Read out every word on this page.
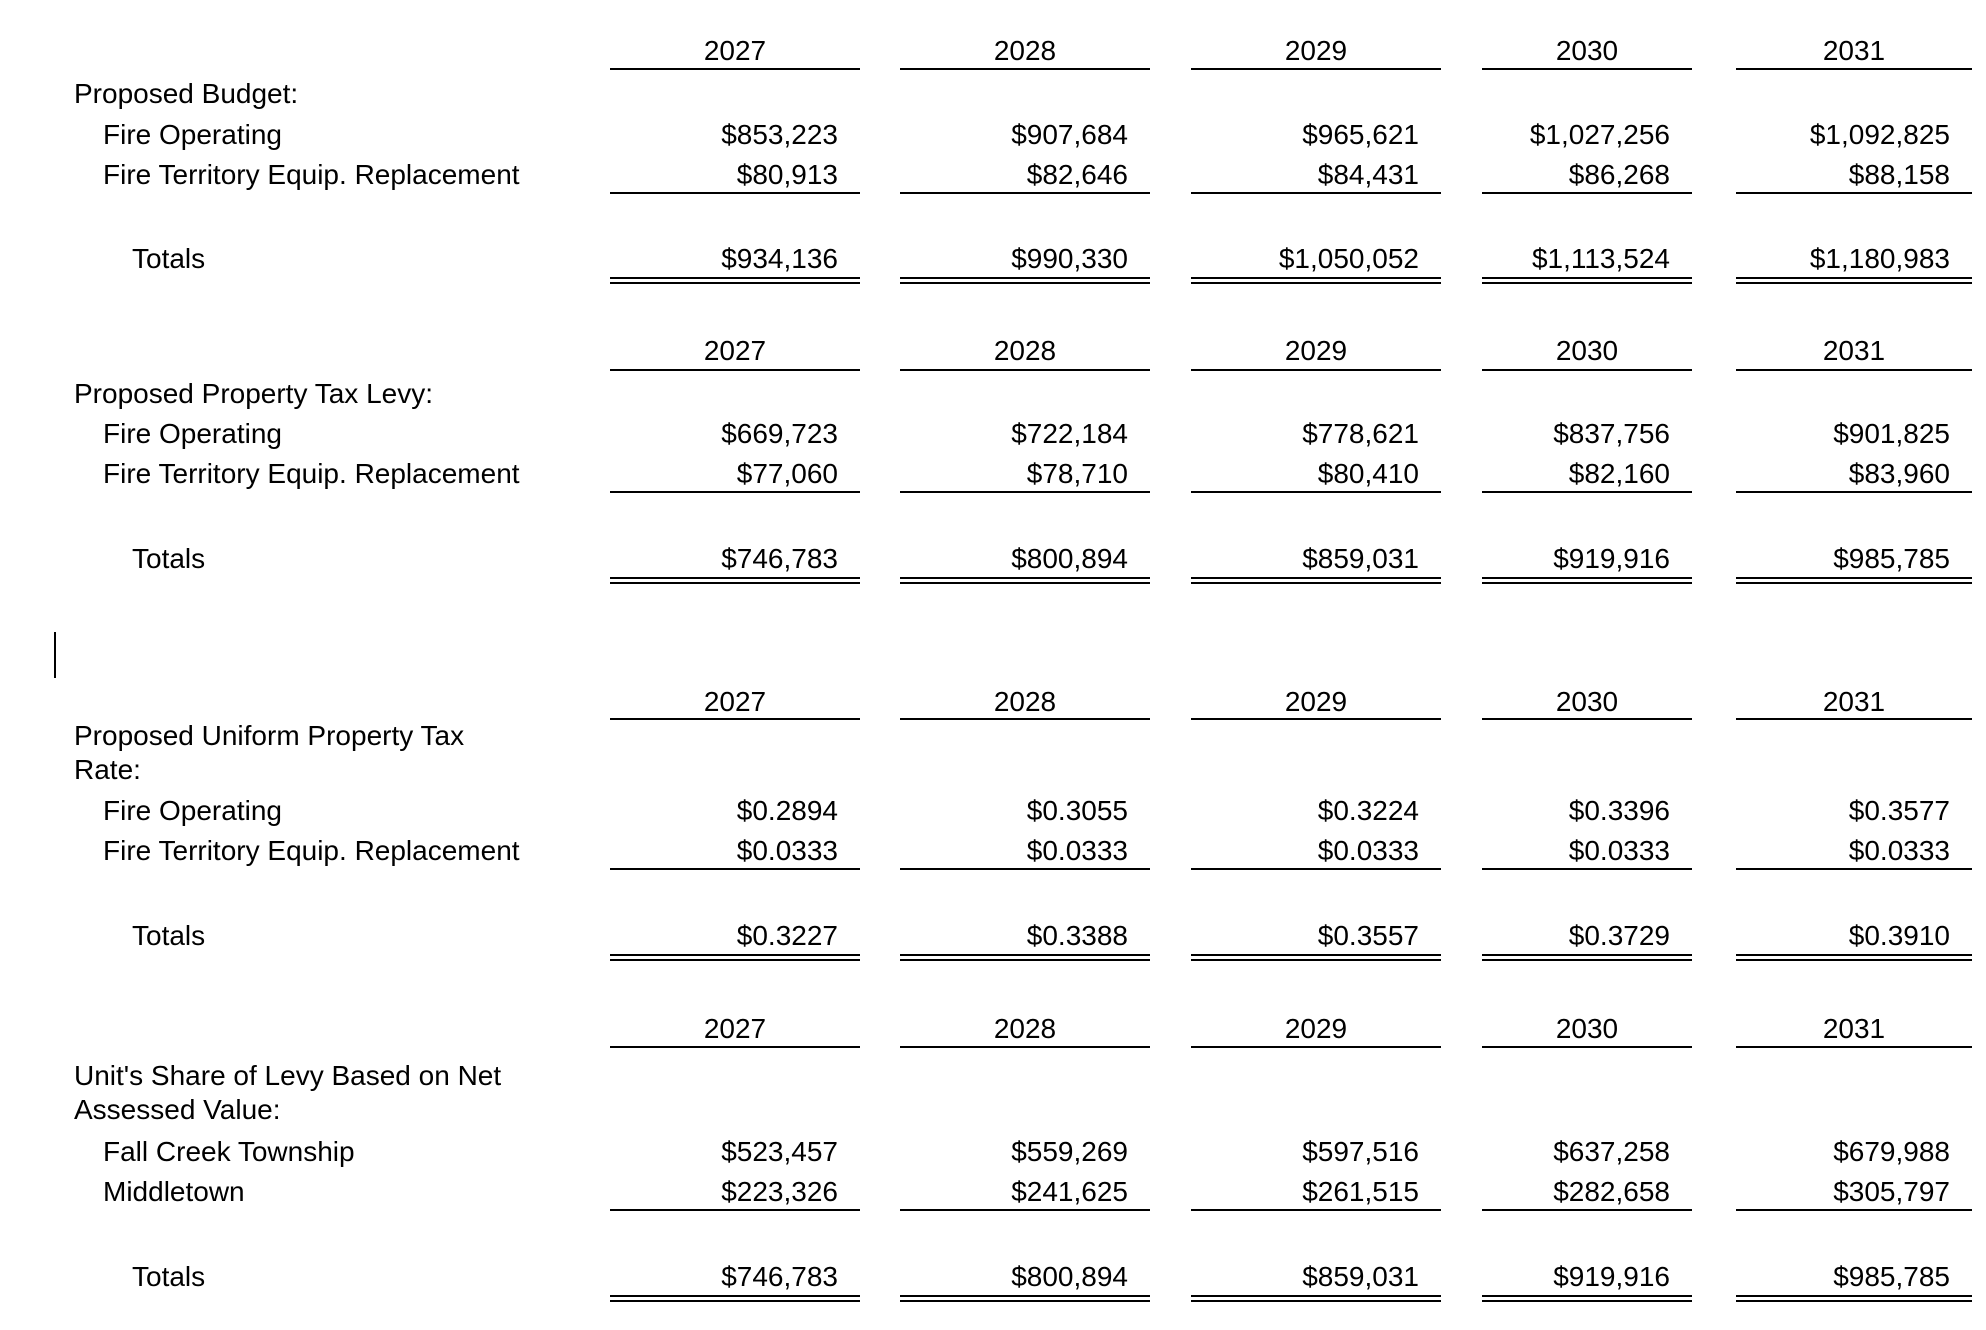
2027	2028	2029	2030	2031
Proposed Budget:
Fire Operating	$853,223	$907,684	$965,621	$1,027,256	$1,092,825
Fire Territory Equip. Replacement	$80,913	$82,646	$84,431	$86,268	$88,158
Totals	$934,136	$990,330	$1,050,052	$1,113,524	$1,180,983
2027	2028	2029	2030	2031
Proposed Property Tax Levy:
Fire Operating	$669,723	$722,184	$778,621	$837,756	$901,825
Fire Territory Equip. Replacement	$77,060	$78,710	$80,410	$82,160	$83,960
Totals	$746,783	$800,894	$859,031	$919,916	$985,785
2027	2028	2029	2030	2031
Proposed Uniform Property Tax
Rate:
Fire Operating	$0.2894	$0.3055	$0.3224	$0.3396	$0.3577
Fire Territory Equip. Replacement	$0.0333	$0.0333	$0.0333	$0.0333	$0.0333
Totals	$0.3227	$0.3388	$0.3557	$0.3729	$0.3910
2027	2028	2029	2030	2031
Unit's Share of Levy Based on Net
Assessed Value:
Fall Creek Township	$523,457	$559,269	$597,516	$637,258	$679,988
Middletown	$223,326	$241,625	$261,515	$282,658	$305,797
Totals	$746,783	$800,894	$859,031	$919,916	$985,785
